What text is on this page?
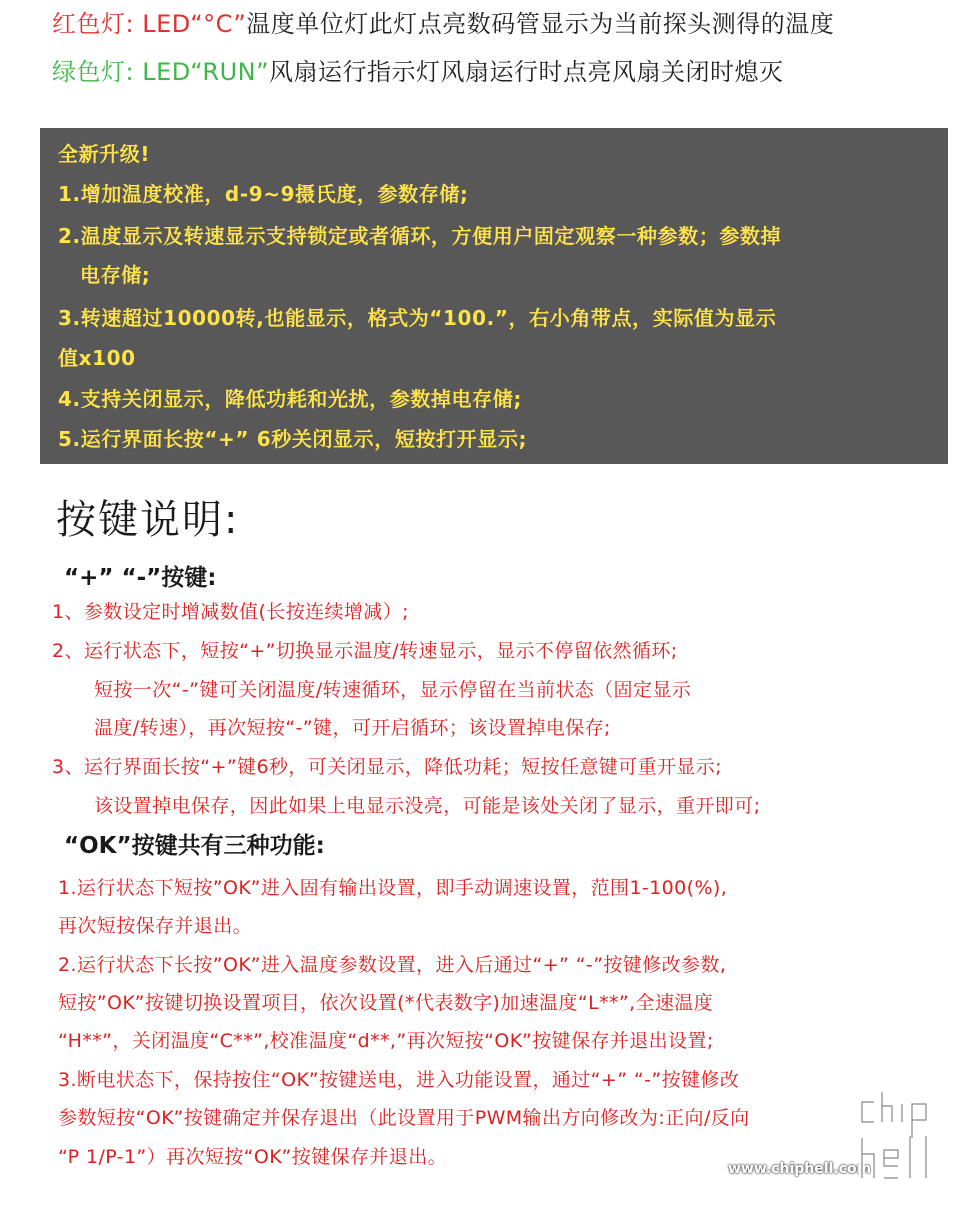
红色灯: LED“°C”温度单位灯此灯点亮数码管显示为当前探头测得的温度
绿色灯: LED“RUN”风扇运行指示灯风扇运行时点亮风扇关闭时熄灭
全新升级!
1.增加温度校准，d-9~9摄氏度，参数存储;
2.温度显示及转速显示支持锁定或者循环，方便用户固定观察一种参数；参数掉
电存储;
3.转速超过10000转,也能显示，格式为“100.”，右小角带点，实际值为显示
值x100
4.支持关闭显示，降低功耗和光扰，参数掉电存储;
5.运行界面长按“+” 6秒关闭显示，短按打开显示;
按键说明:
“+” “-”按键:
1、参数设定时增减数值(长按连续增减）;
2、运行状态下，短按“+”切换显示温度/转速显示，显示不停留依然循环;
短按一次“-”键可关闭温度/转速循环，显示停留在当前状态（固定显示
温度/转速），再次短按“-”键，可开启循环；该设置掉电保存;
3、运行界面长按“+”键6秒，可关闭显示，降低功耗；短按任意键可重开显示;
该设置掉电保存，因此如果上电显示没亮，可能是该处关闭了显示，重开即可;
“OK”按键共有三种功能:
1.运行状态下短按”OK”进入固有输出设置，即手动调速设置，范围1-100(%),
再次短按保存并退出。
2.运行状态下长按”OK”进入温度参数设置，进入后通过“+” “-”按键修改参数,
短按”OK”按键切换设置项目，依次设置(*代表数字)加速温度“L**”,全速温度
“H**”，关闭温度“C**”,校准温度“d**,”再次短按“OK”按键保存并退出设置;
3.断电状态下，保持按住“OK”按键送电，进入功能设置，通过“+” “-”按键修改
参数短按“OK”按键确定并保存退出（此设置用于PWM输出方向修改为:正向/反向
“P 1/P-1”）再次短按“OK”按键保存并退出。
www.chiphell.com
